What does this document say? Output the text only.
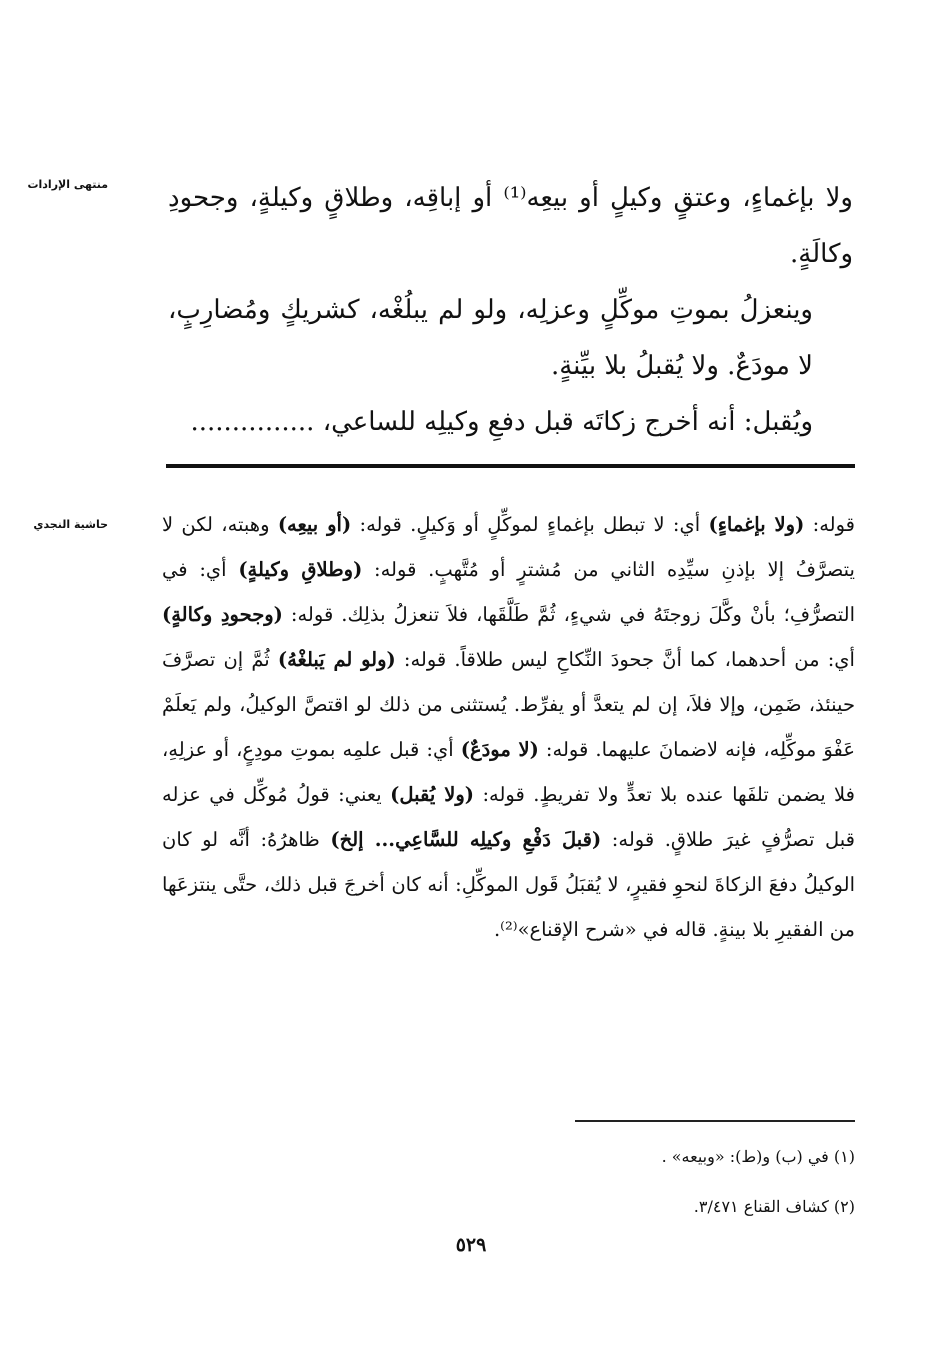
منتهى الإرادات ولا بإغماءٍ، وعتقٍ وكيلٍ أو بيعِه⁽¹⁾ أو إباقِه، وطلاقٍ وكيلةٍ، وجحودِ وكالَةٍ.

وينعزلُ بموتِ موكِّلٍ وعزلِه، ولو لم يبلُغْه، كشريكٍ ومُضارِبٍ، لا مودَعٌ. ولا يُقبلُ بلا بيِّنةٍ.

ويُقبل: أنه أخرج زكاتَه قبل دفعِ وكيلِه للساعي، ...............

حاشية النجدي	قوله: (ولا بإغماءٍ) أي: لا تبطل بإغماءٍ لموكِّلٍ أو وَكيلٍ. قوله: (أو بيعِه) وهبته، لكن لا يتصرَّفُ إلا بإذنِ سيِّدِه الثاني من مُشترٍ أو مُتَّهبٍ. قوله: (وطلاقِ وكيلةٍ) أي: في التصرُّفِ؛ بأنْ وكَّلَ زوجتَهُ في شيءٍ، ثُمَّ طَلَّقَها، فلاَ تنعزلُ بذلِك. قوله: (وجحودِ وكالةٍ) أي: من أحدهما، كما أنَّ جحودَ النِّكاحِ ليس طلاقاً. قوله: (ولو لم يَبلغْهُ) ثُمَّ إن تصرَّفَ حينئذ، ضَمِن، وإلا فلاَ، إن لم يتعدَّ أو يفرِّط. يُستثنى من ذلك لو اقتصَّ الوكيلُ، ولم يَعلَمْ عَفْوَ موكِّلِه، فإنه لاضمانَ عليهما. قوله: (لا مودَعٌ) أي: قبل علمِه بموتِ مودِعٍ، أو عزلِهِ، فلا يضمن تلفَها عنده بلا تعدٍّ ولا تفريطٍ. قوله: (ولا يُقبل) يعني: قولُ مُوكِّل في عزله قبل تصرُّفٍ غيرَ طلاقٍ. قوله: (قبلَ دَفْعِ وكيلِه للسَّاعِي... إلخ) ظاهرُهُ: أنَّه لو كان الوكيلُ دفعَ الزكاةَ لنحوِ فقيرٍ، لا يُقبَلُ قَول الموكِّلِ: أنه كان أخرجَ قبل ذلك، حتَّى ينتزعَها من الفقيرِ بلا بينةٍ. قاله في «شرح الإقناع»⁽²⁾.

(١) في (ب) و(ط): «وبيعه» .

(٢) كشاف القناع ٣/٤٧١.

٥٢٩
